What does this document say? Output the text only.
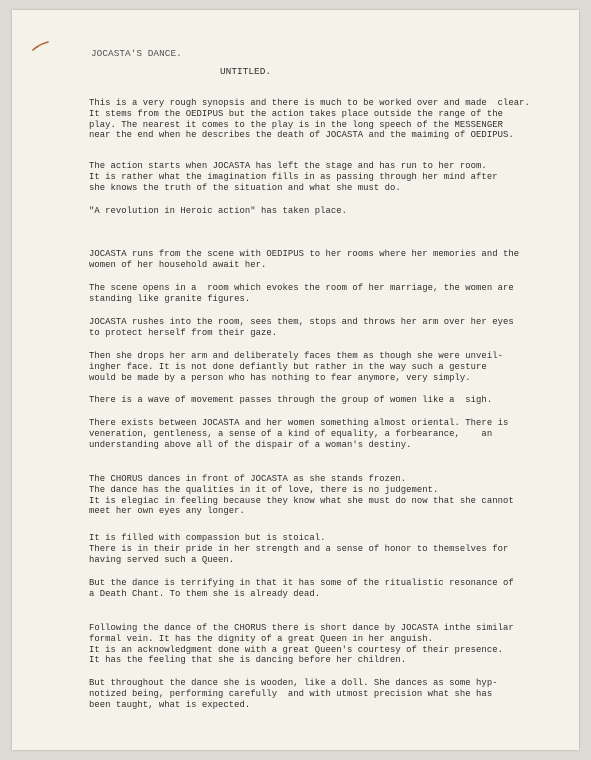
JOCASTA'S DANCE.
UNTITLED.
This is a very rough synopsis and there is much to be worked over and made  clear.
It stems from the OEDIPUS but the action takes place outside the range of the
play. The nearest it comes to the play is in the long speech of the MESSENGER
near the end when he describes the death of JOCASTA and the maiming of OEDIPUS.
The action starts when JOCASTA has left the stage and has run to her room.
It is rather what the imagination fills in as passing through her mind after
she knows the truth of the situation and what she must do.
"A revolution in Heroic action" has taken place.
JOCASTA runs from the scene with OEDIPUS to her rooms where her memories and the
women of her household await her.
The scene opens in a  room which evokes the room of her marriage, the women are
standing like granite figures.
JOCASTA rushes into the room, sees them, stops and throws her arm over her eyes
to protect herself from their gaze.
Then she drops her arm and deliberately faces them as though she were unveil-
ingher face. It is not done defiantly but rather in the way such a gesture
would be made by a person who has nothing to fear anymore, very simply.
There is a wave of movement passes through the group of women like a  sigh.
There exists between JOCASTA and her women something almost oriental. There is
veneration, gentleness, a sense of a kind of equality, a forbearance,    an
understanding above all of the dispair of a woman's destiny.
The CHORUS dances in front of JOCASTA as she stands frozen.
The dance has the qualities in it of love, there is no judgement.
It is elegiac in feeling because they know what she must do now that she cannot
meet her own eyes any longer.
It is filled with compassion but is stoical.
There is in their pride in her strength and a sense of honor to themselves for
having served such a Queen.
But the dance is terrifying in that it has some of the ritualistic resonance of
a Death Chant. To them she is already dead.
Following the dance of the CHORUS there is short dance by JOCASTA inthe similar
formal vein. It has the dignity of a great Queen in her anguish.
It is an acknowledgment done with a great Queen's courtesy of their presence.
It has the feeling that she is dancing before her children.
But throughout the dance she is wooden, like a doll. She dances as some hyp-
notized being, performing carefully  and with utmost precision what she has
been taught, what is expected.
